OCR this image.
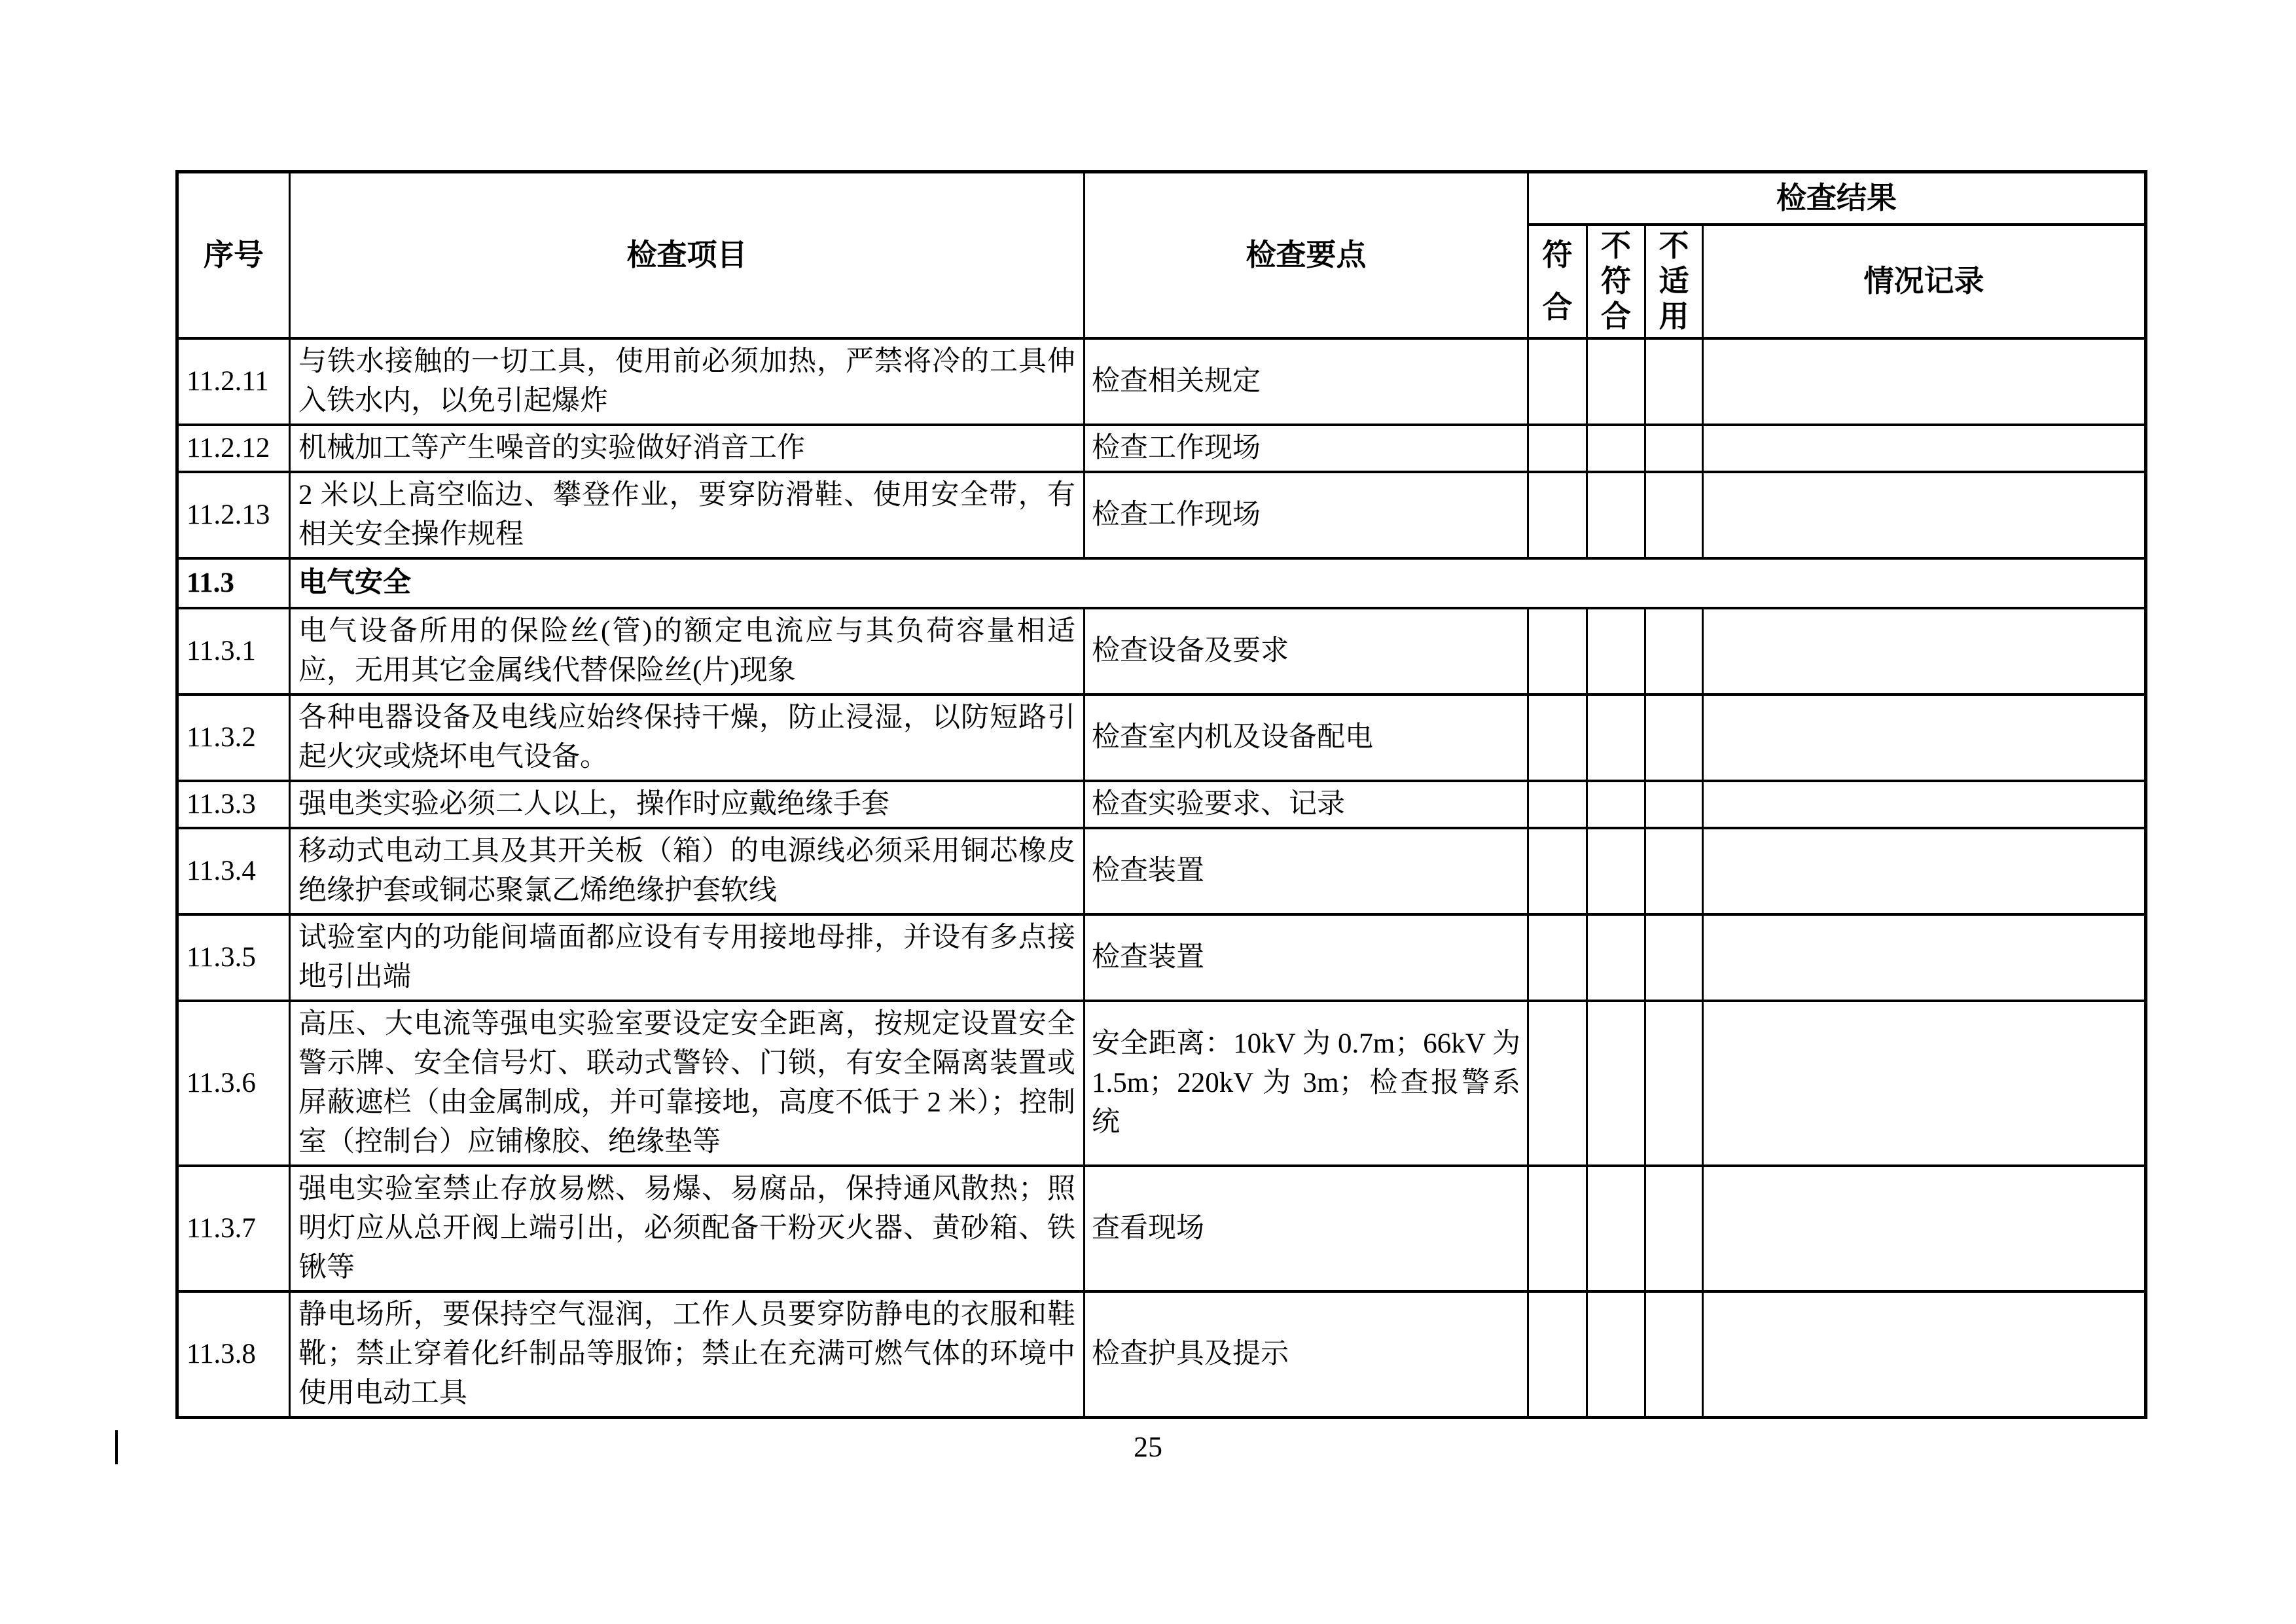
序号	检查项目	检查要点	检查结果			
			符合	不符合	不适用	情况记录
11.2.11	与铁水接触的一切工具，使用前必须加热，严禁将冷的工具伸入铁水内，以免引起爆炸	检查相关规定				
11.2.12	机械加工等产生噪音的实验做好消音工作	检查工作现场				
11.2.13	2 米以上高空临边、攀登作业，要穿防滑鞋、使用安全带，有相关安全操作规程	检查工作现场				
11.3	电气安全					
11.3.1	电气设备所用的保险丝(管)的额定电流应与其负荷容量相适应，无用其它金属线代替保险丝(片)现象	检查设备及要求				
11.3.2	各种电器设备及电线应始终保持干燥，防止浸湿，以防短路引起火灾或烧坏电气设备。	检查室内机及设备配电				
11.3.3	强电类实验必须二人以上，操作时应戴绝缘手套	检查实验要求、记录				
11.3.4	移动式电动工具及其开关板（箱）的电源线必须采用铜芯橡皮绝缘护套或铜芯聚氯乙烯绝缘护套软线	检查装置				
11.3.5	试验室内的功能间墙面都应设有专用接地母排，并设有多点接地引出端	检查装置				
11.3.6	高压、大电流等强电实验室要设定安全距离，按规定设置安全警示牌、安全信号灯、联动式警铃、门锁，有安全隔离装置或屏蔽遮栏（由金属制成，并可靠接地，高度不低于 2 米）；控制室（控制台）应铺橡胶、绝缘垫等	安全距离：10kV 为 0.7m；66kV 为 1.5m；220kV 为 3m；检查报警系统				
11.3.7	强电实验室禁止存放易燃、易爆、易腐品，保持通风散热；照明灯应从总开阀上端引出，必须配备干粉灭火器、黄砂箱、铁锹等	查看现场				
11.3.8	静电场所，要保持空气湿润，工作人员要穿防静电的衣服和鞋靴；禁止穿着化纤制品等服饰；禁止在充满可燃气体的环境中使用电动工具	检查护具及提示				
25
